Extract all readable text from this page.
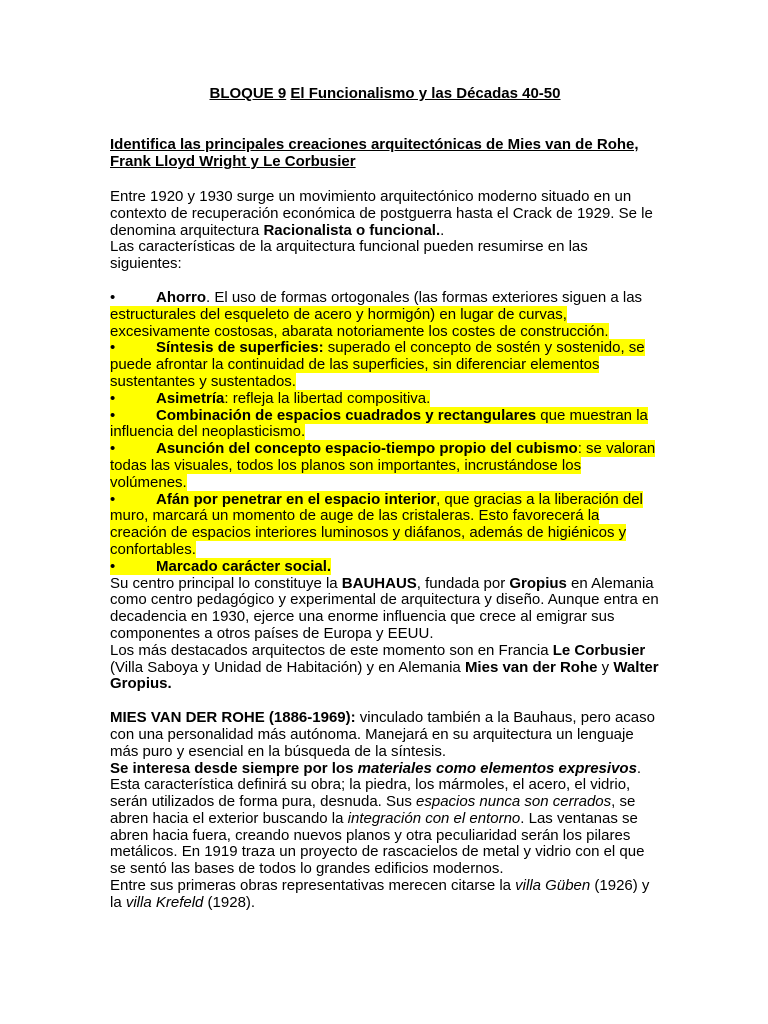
BLOQUE 9 El Funcionalismo y las Décadas 40-50
Identifica las principales creaciones arquitectónicas de Mies van de Rohe, Frank Lloyd Wright y Le Corbusier

Entre 1920 y 1930 surge un movimiento arquitectónico moderno situado en un contexto de recuperación económica de postguerra hasta el Crack de 1929. Se le denomina arquitectura Racionalista o funcional..

Las características de la arquitectura funcional pueden resumirse en las siguientes:

•	Ahorro. El uso de formas ortogonales (las formas exteriores siguen a las estructurales del esqueleto de acero y hormigón) en lugar de curvas, excesivamente costosas, abarata notoriamente los costes de construcción.

•	Síntesis de superficies: superado el concepto de sostén y sostenido, se puede afrontar la continuidad de las superficies, sin diferenciar elementos sustentantes y sustentados.

•	Asimetría: refleja la libertad compositiva.

•	Combinación de espacios cuadrados y rectangulares que muestran la influencia del neoplasticismo.

•	Asunción del concepto espacio-tiempo propio del cubismo: se valoran todas las visuales, todos los planos son importantes, incrustándose los volúmenes.

•	Afán por penetrar en el espacio interior, que gracias a la liberación del muro, marcará un momento de auge de las cristaleras. Esto favorecerá la creación de espacios interiores luminosos y diáfanos, además de higiénicos y confortables.

•	Marcado carácter social.

Su centro principal lo constituye la BAUHAUS, fundada por Gropius en Alemania como centro pedagógico y experimental de arquitectura y diseño. Aunque entra en decadencia en 1930, ejerce una enorme influencia que crece al emigrar sus componentes a otros países de Europa y EEUU.

Los más destacados arquitectos de este momento son en Francia Le Corbusier (Villa Saboya y Unidad de Habitación) y en Alemania Mies van der Rohe y Walter Gropius.

MIES VAN DER ROHE (1886-1969): vinculado también a la Bauhaus, pero acaso con una personalidad más autónoma. Manejará en su arquitectura un lenguaje más puro y esencial en la búsqueda de la síntesis.

Se interesa desde siempre por los materiales como elementos expresivos. Esta característica definirá su obra; la piedra, los mármoles, el acero, el vidrio, serán utilizados de forma pura, desnuda. Sus espacios nunca son cerrados, se abren hacia el exterior buscando la integración con el entorno. Las ventanas se abren hacia fuera, creando nuevos planos y otra peculiaridad serán los pilares metálicos. En 1919 traza un proyecto de rascacielos de metal y vidrio con el que se sentó las bases de todos lo grandes edificios modernos.

Entre sus primeras obras representativas merecen citarse la villa Güben (1926) y la villa Krefeld (1928).
